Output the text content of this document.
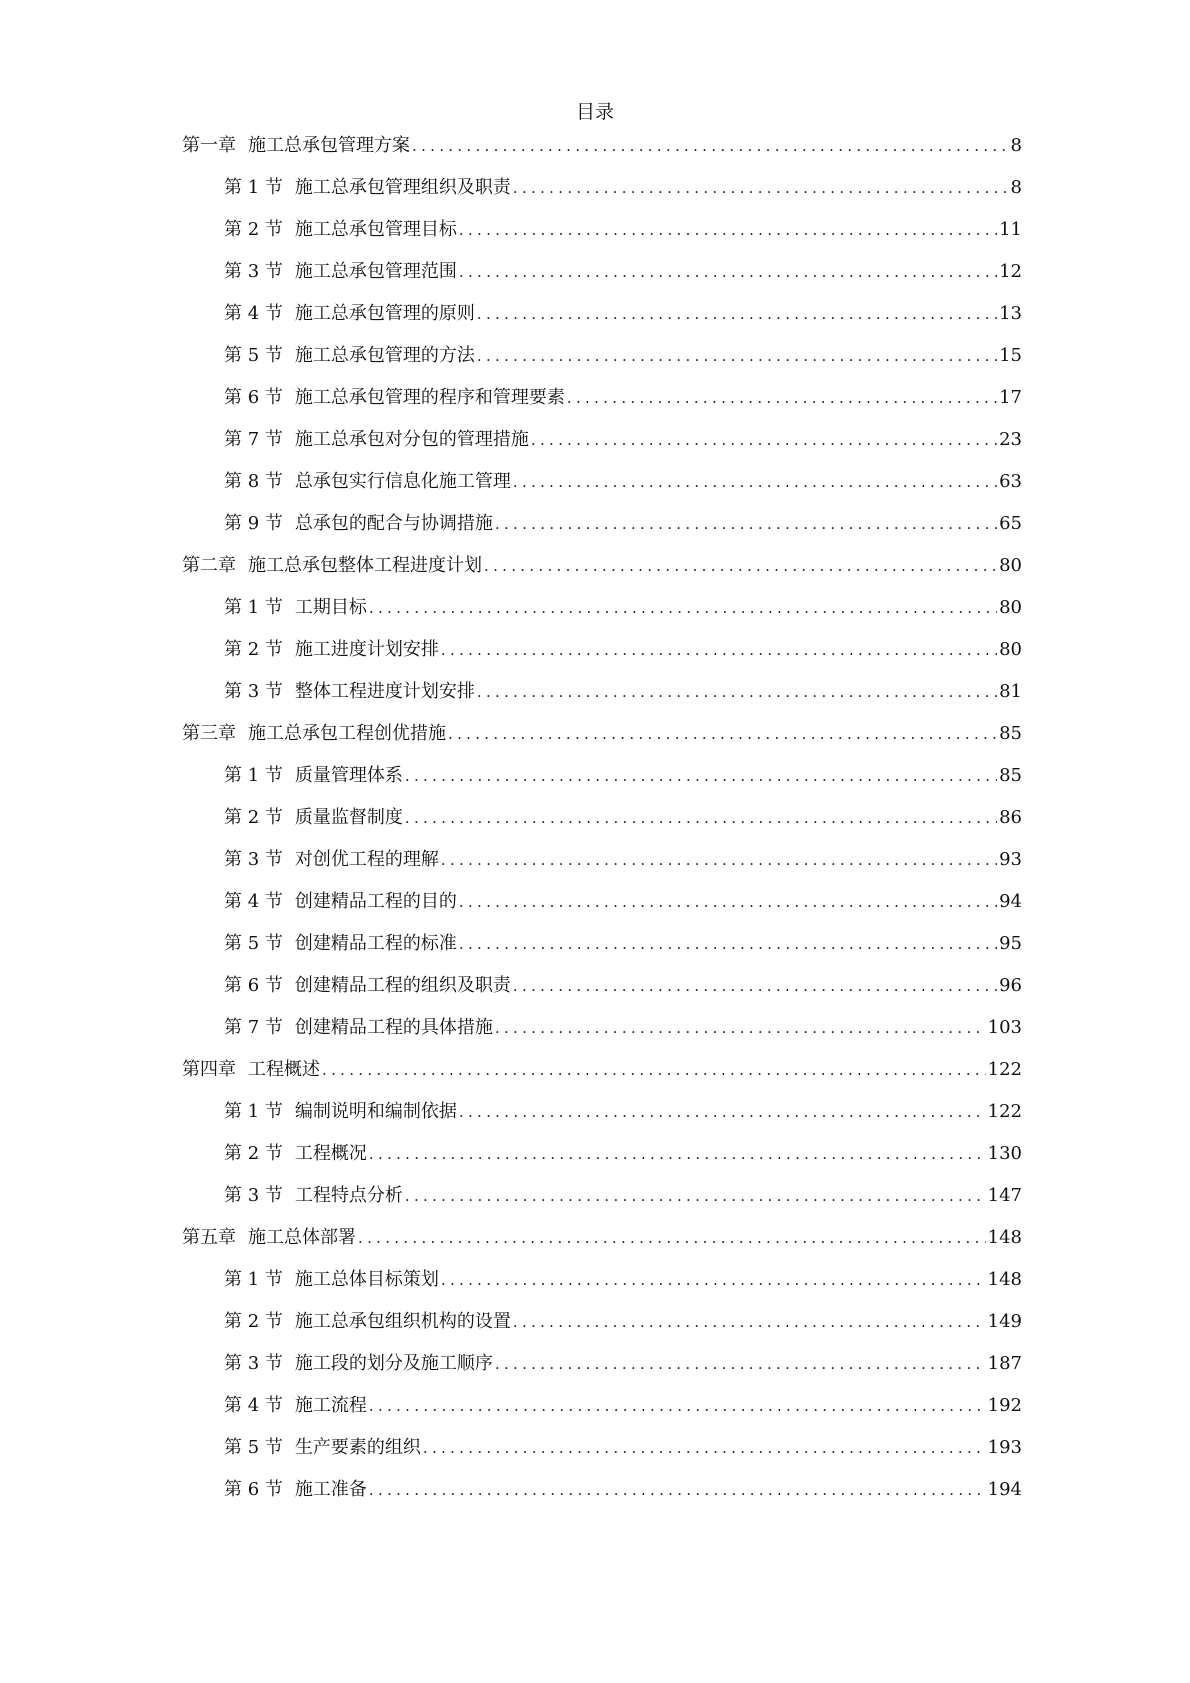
目录
第一章 施工总承包管理方案 .....	8
第 1 节 施工总承包管理组织及职责 .....	8
第 2 节 施工总承包管理目标 .....	11
第 3 节 施工总承包管理范围 .....	12
第 4 节 施工总承包管理的原则 .....	13
第 5 节 施工总承包管理的方法 .....	15
第 6 节 施工总承包管理的程序和管理要素 .....	17
第 7 节 施工总承包对分包的管理措施 .....	23
第 8 节 总承包实行信息化施工管理 .....	63
第 9 节 总承包的配合与协调措施 .....	65
第二章 施工总承包整体工程进度计划 .....	80
第 1 节 工期目标 .....	80
第 2 节 施工进度计划安排 .....	80
第 3 节 整体工程进度计划安排 .....	81
第三章 施工总承包工程创优措施 .....	85
第 1 节 质量管理体系 .....	85
第 2 节 质量监督制度 .....	86
第 3 节 对创优工程的理解 .....	93
第 4 节 创建精品工程的目的 .....	94
第 5 节 创建精品工程的标准 .....	95
第 6 节 创建精品工程的组织及职责 .....	96
第 7 节 创建精品工程的具体措施 .....	103
第四章 工程概述 .....	122
第 1 节 编制说明和编制依据 .....	122
第 2 节 工程概况 .....	130
第 3 节 工程特点分析 .....	147
第五章 施工总体部署 .....	148
第 1 节 施工总体目标策划 .....	148
第 2 节 施工总承包组织机构的设置 .....	149
第 3 节 施工段的划分及施工顺序 .....	187
第 4 节 施工流程 .....	192
第 5 节 生产要素的组织 .....	193
第 6 节 施工准备 .....	194
